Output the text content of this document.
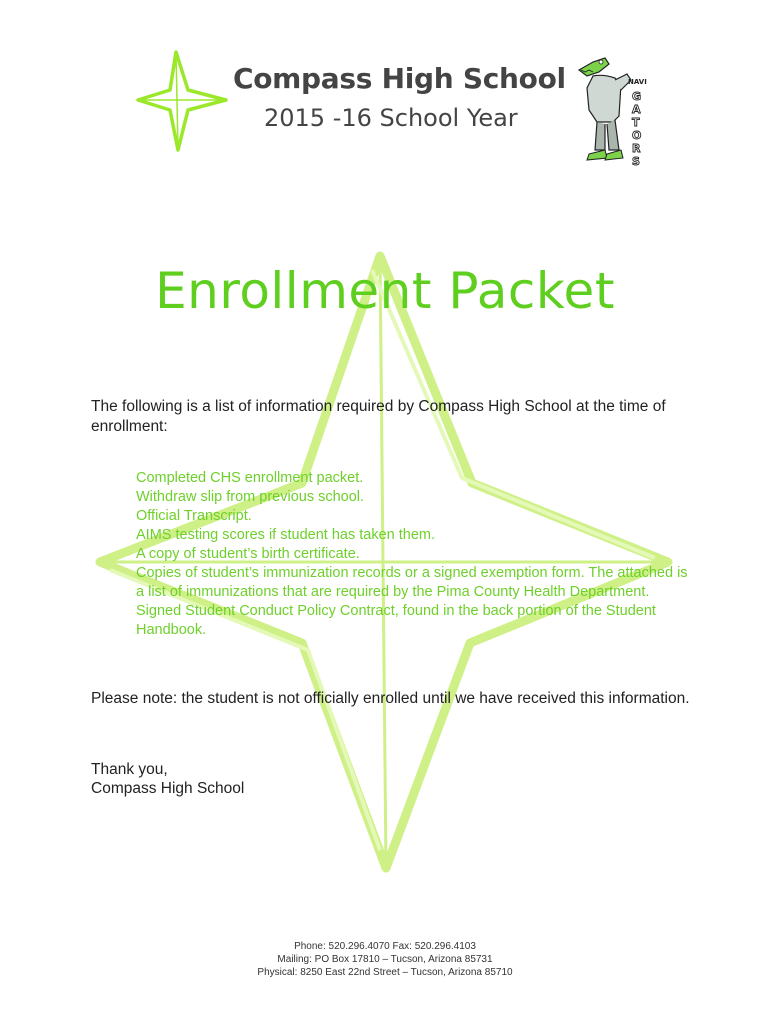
Compass High School
2015 -16 School Year
NAVI
G A T O R S
Enrollment Packet
The following is a list of information required by Compass High School at the time of enrollment:
Completed CHS enrollment packet.
Withdraw slip from previous school.
Official Transcript.
AIMS testing scores if student has taken them.
A copy of student’s birth certificate.
Copies of student’s immunization records or a signed exemption form. The attached is a list of immunizations that are required by the Pima County Health Department.
Signed Student Conduct Policy Contract, found in the back portion of the Student Handbook.
Please note: the student is not officially enrolled until we have received this information.
Thank you,
Compass High School
Phone: 520.296.4070 Fax: 520.296.4103
Mailing: PO Box 17810 – Tucson, Arizona 85731
Physical: 8250 East 22nd Street – Tucson, Arizona 85710
